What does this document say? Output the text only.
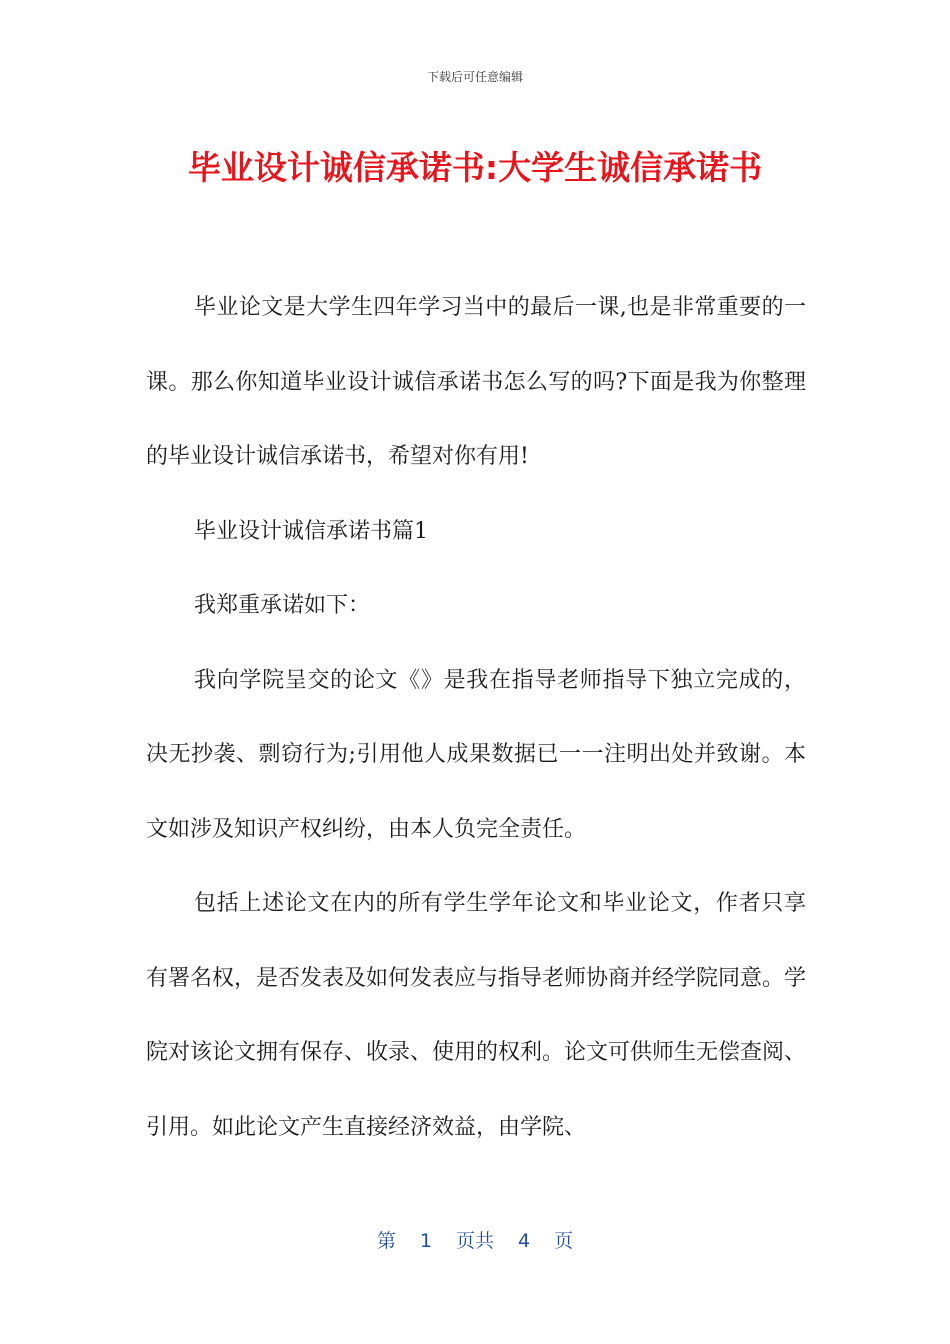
下载后可任意编辑
毕业设计诚信承诺书:大学生诚信承诺书

毕业论文是大学生四年学习当中的最后一课,也是非常重要的一课。那么你知道毕业设计诚信承诺书怎么写的吗?下面是我为你整理的毕业设计诚信承诺书，希望对你有用!

毕业设计诚信承诺书篇1

我郑重承诺如下：

我向学院呈交的论文《》是我在指导老师指导下独立完成的，决无抄袭、剽窃行为;引用他人成果数据已一一注明出处并致谢。本文如涉及知识产权纠纷，由本人负完全责任。

包括上述论文在内的所有学生学年论文和毕业论文，作者只享有署名权，是否发表及如何发表应与指导老师协商并经学院同意。学院对该论文拥有保存、收录、使用的权利。论文可供师生无偿查阅、引用。如此论文产生直接经济效益，由学院、

第 1 页共 4 页
